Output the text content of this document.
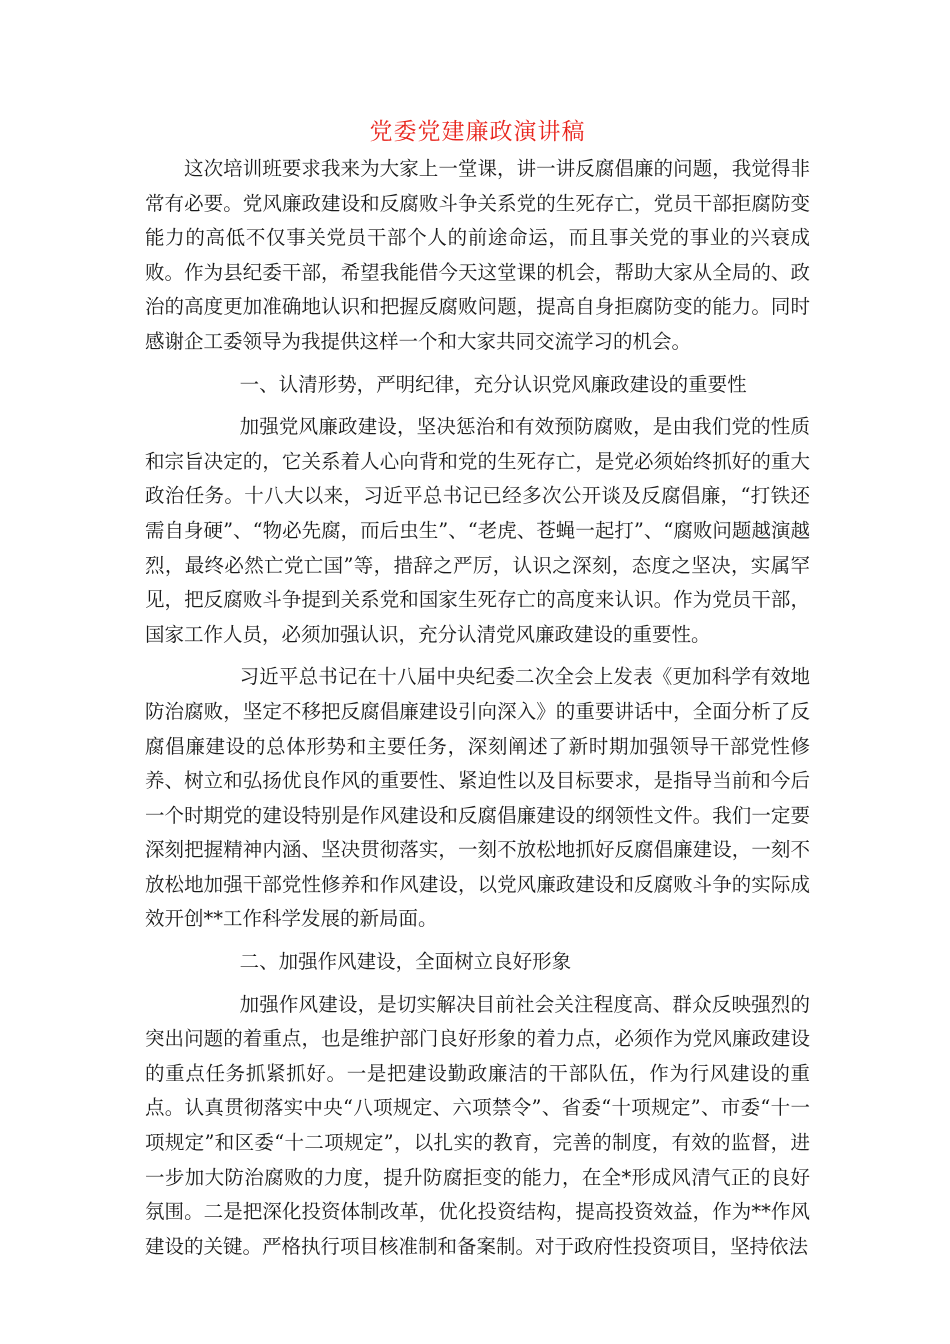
党委党建廉政演讲稿

这次培训班要求我来为大家上一堂课，讲一讲反腐倡廉的问题，我觉得非常有必要。党风廉政建设和反腐败斗争关系党的生死存亡，党员干部拒腐防变能力的高低不仅事关党员干部个人的前途命运，而且事关党的事业的兴衰成败。作为县纪委干部，希望我能借今天这堂课的机会，帮助大家从全局的、政治的高度更加准确地认识和把握反腐败问题，提高自身拒腐防变的能力。同时感谢企工委领导为我提供这样一个和大家共同交流学习的机会。

一、认清形势，严明纪律，充分认识党风廉政建设的重要性

加强党风廉政建设，坚决惩治和有效预防腐败，是由我们党的性质和宗旨决定的，它关系着人心向背和党的生死存亡，是党必须始终抓好的重大政治任务。十八大以来，习近平总书记已经多次公开谈及反腐倡廉，“打铁还需自身硬”、“物必先腐，而后虫生”、“老虎、苍蝇一起打”、“腐败问题越演越烈，最终必然亡党亡国”等，措辞之严厉，认识之深刻，态度之坚决，实属罕见，把反腐败斗争提到关系党和国家生死存亡的高度来认识。作为党员干部，国家工作人员，必须加强认识，充分认清党风廉政建设的重要性。

习近平总书记在十八届中央纪委二次全会上发表《更加科学有效地防治腐败，坚定不移把反腐倡廉建设引向深入》的重要讲话中，全面分析了反腐倡廉建设的总体形势和主要任务，深刻阐述了新时期加强领导干部党性修养、树立和弘扬优良作风的重要性、紧迫性以及目标要求，是指导当前和今后一个时期党的建设特别是作风建设和反腐倡廉建设的纲领性文件。我们一定要深刻把握精神内涵、坚决贯彻落实，一刻不放松地抓好反腐倡廉建设，一刻不放松地加强干部党性修养和作风建设，以党风廉政建设和反腐败斗争的实际成效开创**工作科学发展的新局面。

二、加强作风建设，全面树立良好形象

加强作风建设，是切实解决目前社会关注程度高、群众反映强烈的突出问题的着重点，也是维护部门良好形象的着力点，必须作为党风廉政建设的重点任务抓紧抓好。一是把建设勤政廉洁的干部队伍，作为行风建设的重点。认真贯彻落实中央“八项规定、六项禁令”、省委“十项规定”、市委“十一项规定”和区委“十二项规定”，以扎实的教育，完善的制度，有效的监督，进一步加大防治腐败的力度，提升防腐拒变的能力，在全*形成风清气正的良好氛围。二是把深化投资体制改革，优化投资结构，提高投资效益，作为**作风建设的关键。严格执行项目核准制和备案制。对于政府性投资项目，坚持依法
